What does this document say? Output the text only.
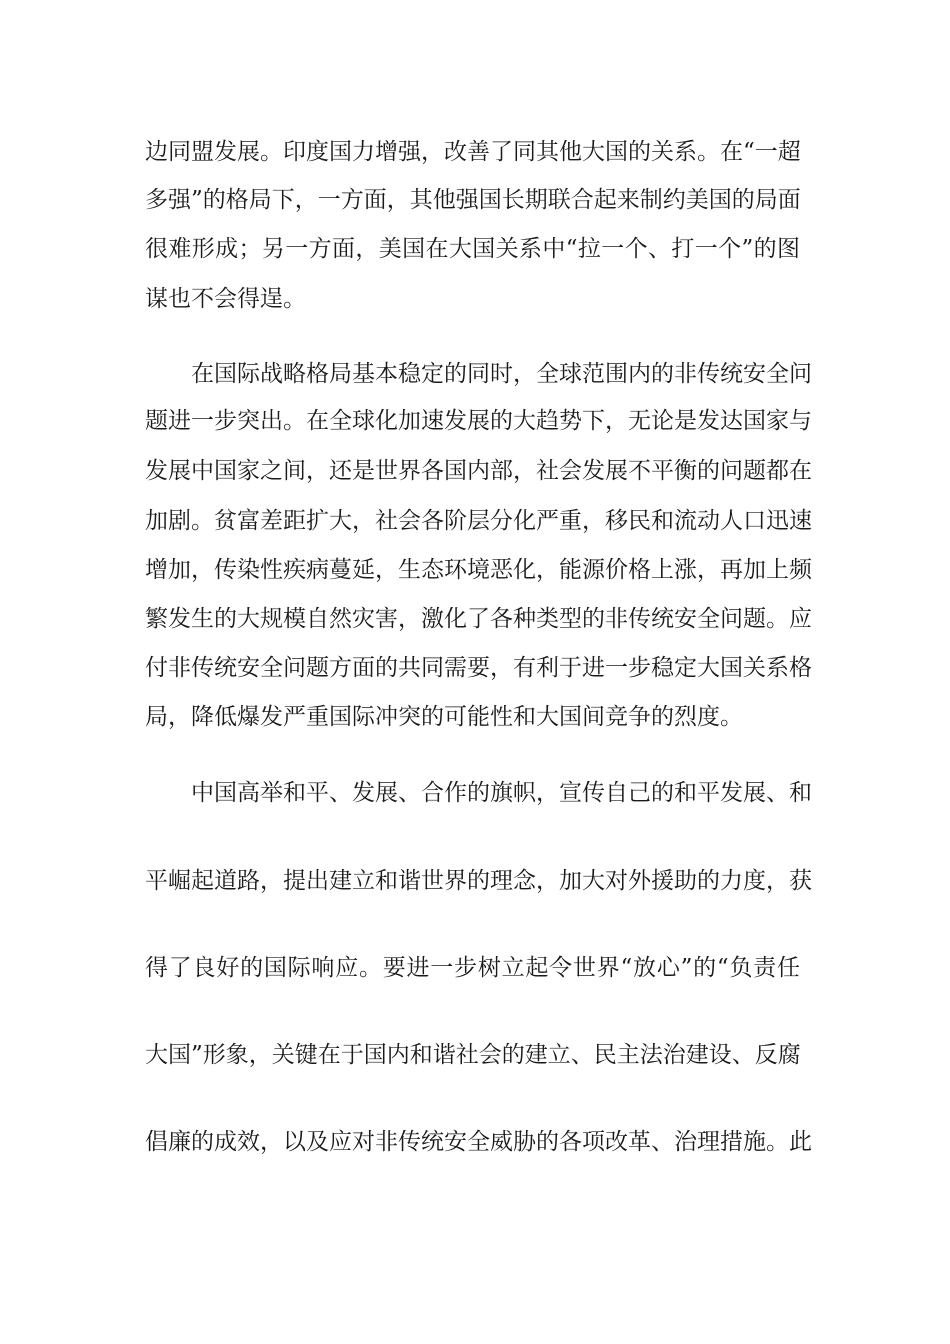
边同盟发展。印度国力增强，改善了同其他大国的关系。在“一超
多强”的格局下，一方面，其他强国长期联合起来制约美国的局面
很难形成；另一方面，美国在大国关系中“拉一个、打一个”的图
谋也不会得逞。
在国际战略格局基本稳定的同时，全球范围内的非传统安全问
题进一步突出。在全球化加速发展的大趋势下，无论是发达国家与
发展中国家之间，还是世界各国内部，社会发展不平衡的问题都在
加剧。贫富差距扩大，社会各阶层分化严重，移民和流动人口迅速
增加，传染性疾病蔓延，生态环境恶化，能源价格上涨，再加上频
繁发生的大规模自然灾害，激化了各种类型的非传统安全问题。应
付非传统安全问题方面的共同需要，有利于进一步稳定大国关系格
局，降低爆发严重国际冲突的可能性和大国间竞争的烈度。
中国高举和平、发展、合作的旗帜，宣传自己的和平发展、和
平崛起道路，提出建立和谐世界的理念，加大对外援助的力度，获
得了良好的国际响应。要进一步树立起令世界“放心”的“负责任
大国”形象，关键在于国内和谐社会的建立、民主法治建设、反腐
倡廉的成效，以及应对非传统安全威胁的各项改革、治理措施。此
